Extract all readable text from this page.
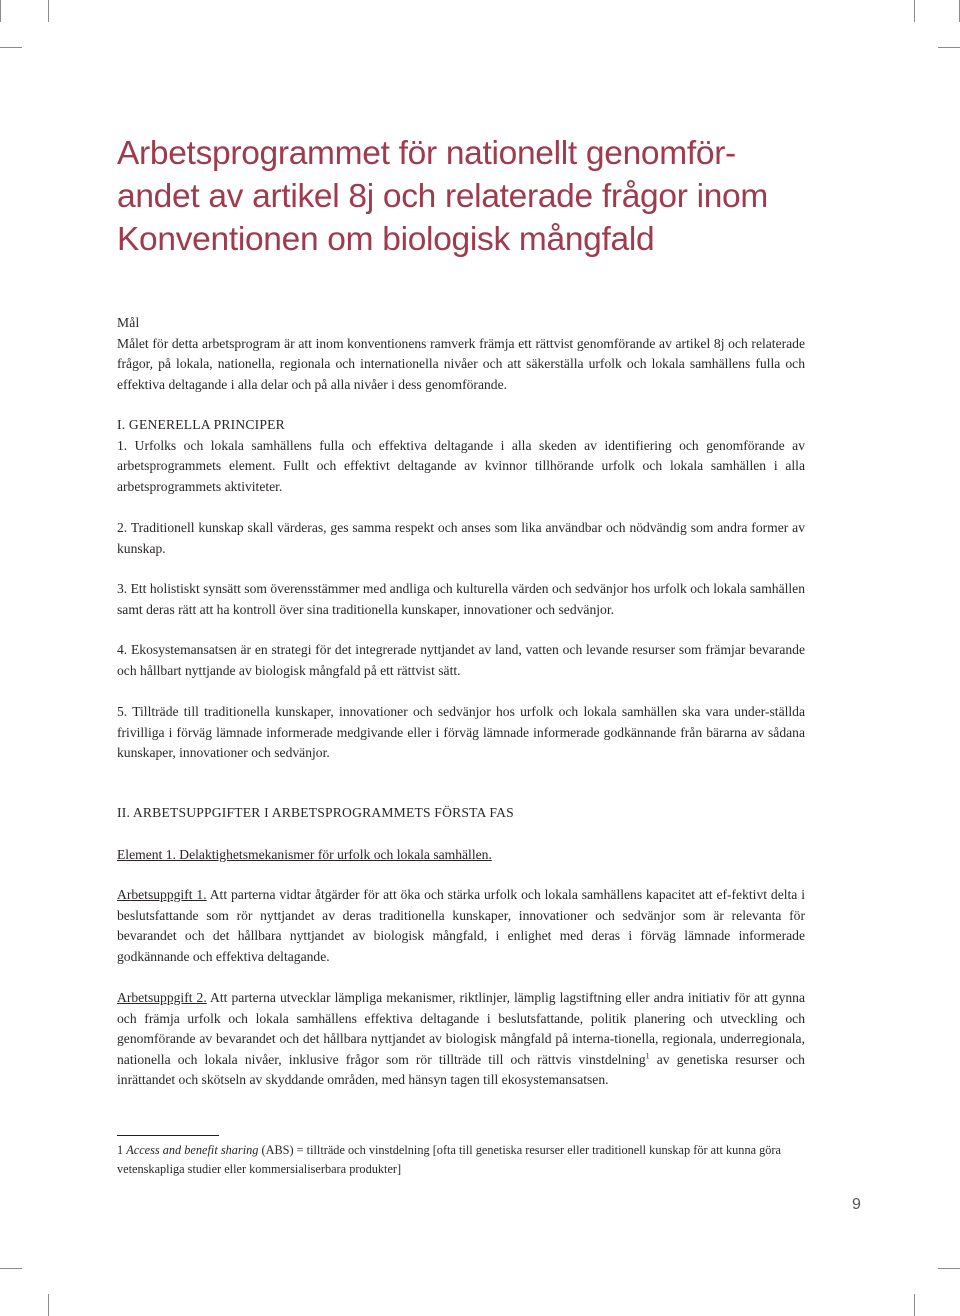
Arbetsprogrammet för nationellt genomför-
andet av artikel 8j och relaterade frågor inom
Konventionen om biologisk mångfald
Mål

Målet för detta arbetsprogram är att inom konventionens ramverk främja ett rättvist genomförande av artikel 8j och relaterade frågor, på lokala, nationella, regionala och internationella nivåer och att säkerställa urfolk och lokala samhällens fulla och effektiva deltagande i alla delar och på alla nivåer i dess genomförande.

I. GENERELLA PRINCIPER

1. Urfolks och lokala samhällens fulla och effektiva deltagande i alla skeden av identifiering och genomförande av arbetsprogrammets element. Fullt och effektivt deltagande av kvinnor tillhörande urfolk och lokala samhällen i alla arbetsprogrammets aktiviteter.

2. Traditionell kunskap skall värderas, ges samma respekt och anses som lika användbar och nödvändig som andra former av kunskap.

3. Ett holistiskt synsätt som överensstämmer med andliga och kulturella värden och sedvänjor hos urfolk och lokala samhällen samt deras rätt att ha kontroll över sina traditionella kunskaper, innovationer och sedvänjor.

4. Ekosystemansatsen är en strategi för det integrerade nyttjandet av land, vatten och levande resurser som främjar bevarande och hållbart nyttjande av biologisk mångfald på ett rättvist sätt.

5. Tillträde till traditionella kunskaper, innovationer och sedvänjor hos urfolk och lokala samhällen ska vara under-ställda frivilliga i förväg lämnade informerade medgivande eller i förväg lämnade informerade godkännande från bärarna av sådana kunskaper, innovationer och sedvänjor.

II. ARBETSUPPGIFTER I ARBETSPROGRAMMETS FÖRSTA FAS
Element 1. Delaktighetsmekanismer för urfolk och lokala samhällen.

Arbetsuppgift 1. Att parterna vidtar åtgärder för att öka och stärka urfolk och lokala samhällens kapacitet att ef-fektivt delta i beslutsfattande som rör nyttjandet av deras traditionella kunskaper, innovationer och sedvänjor som är relevanta för bevarandet och det hållbara nyttjandet av biologisk mångfald, i enlighet med deras i förväg lämnade informerade godkännande och effektiva deltagande.

Arbetsuppgift 2. Att parterna utvecklar lämpliga mekanismer, riktlinjer, lämplig lagstiftning eller andra initiativ för att gynna och främja urfolk och lokala samhällens effektiva deltagande i beslutsfattande, politik planering och utveckling och genomförande av bevarandet och det hållbara nyttjandet av biologisk mångfald på interna-tionella, regionala, underregionala, nationella och lokala nivåer, inklusive frågor som rör tillträde till och rättvis vinstdelning$^1$ av genetiska resurser och inrättandet och skötseln av skyddande områden, med hänsyn tagen till ekosystemansatsen.

1 Access and benefit sharing (ABS) = tillträde och vinstdelning [ofta till genetiska resurser eller traditionell kunskap för att kunna göra vetenskapliga studier eller kommersialiserbara produkter]
9
